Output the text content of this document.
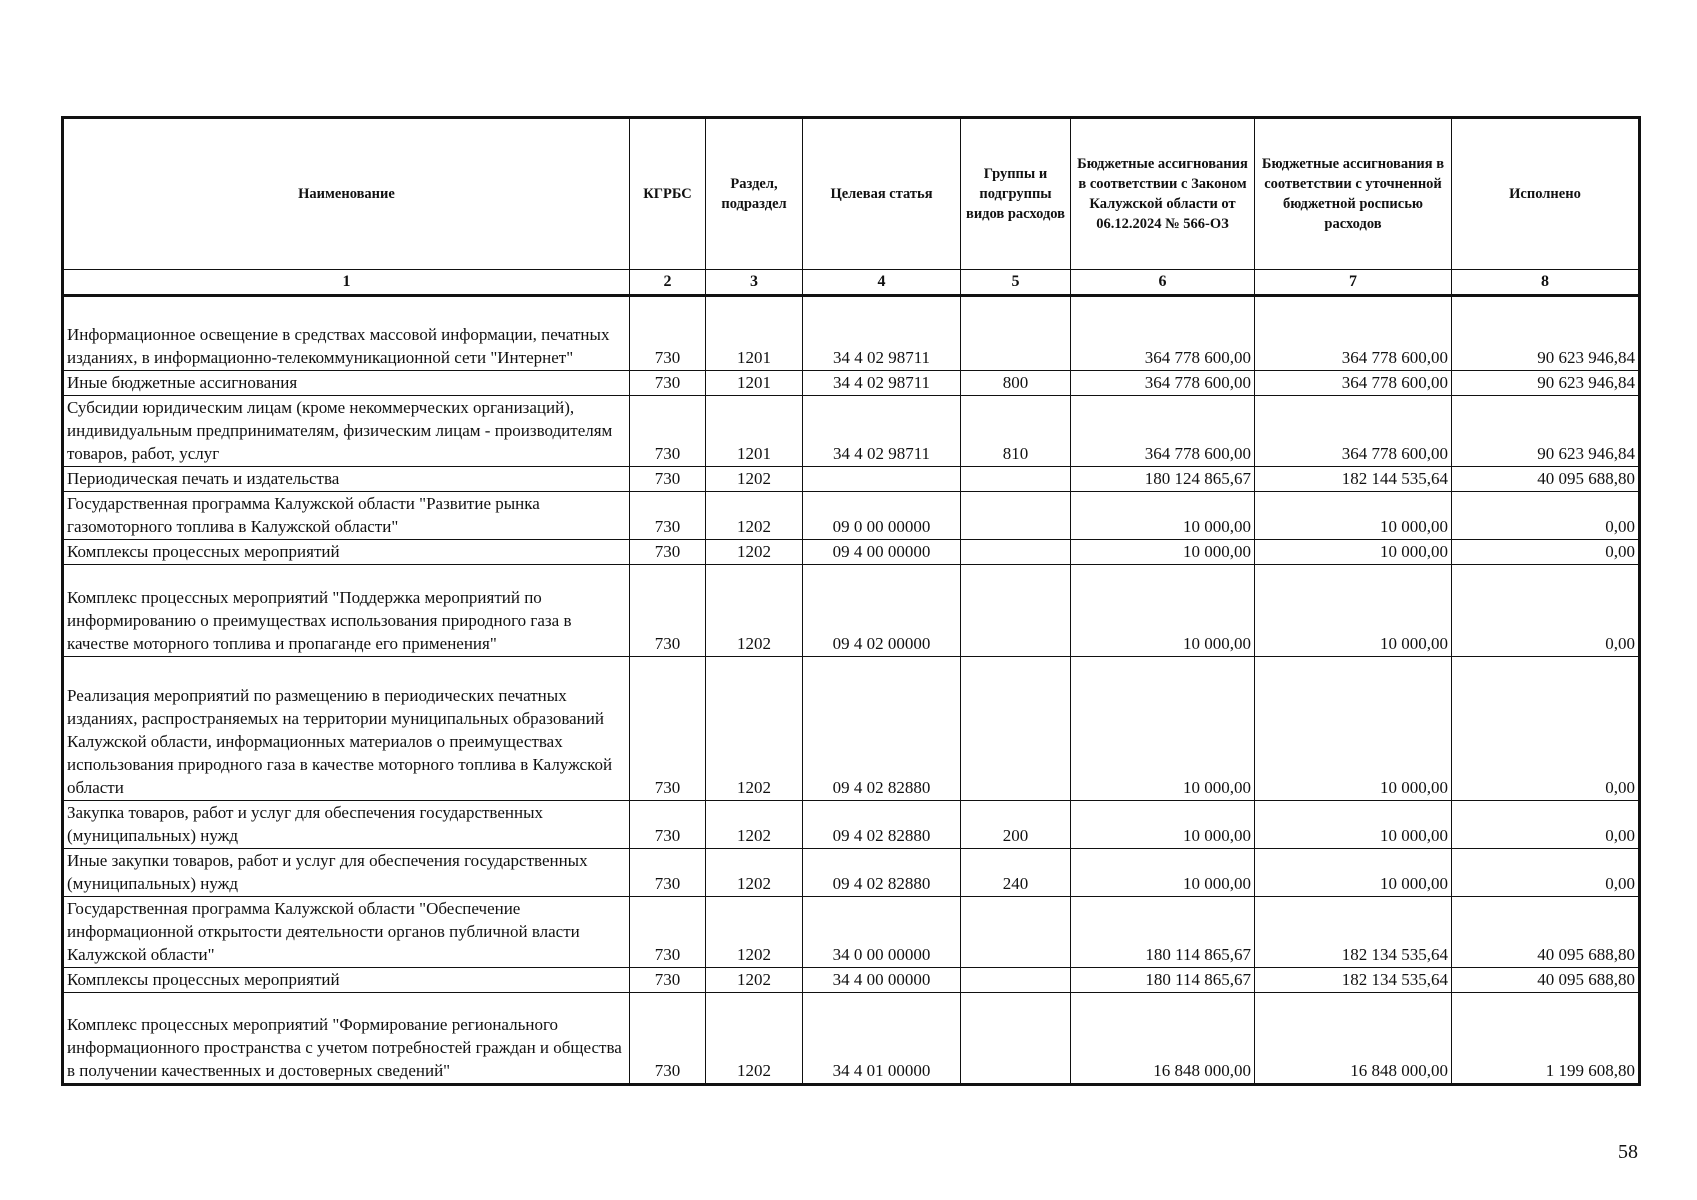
Наименование	КГРБС	Раздел, подраздел	Целевая статья	Группы и подгруппы видов расходов	Бюджетные ассигнования в соответствии с Законом Калужской области от 06.12.2024 № 566-ОЗ	Бюджетные ассигнования в соответствии с уточненной бюджетной росписью расходов	Исполнено
1	2	3	4	5	6	7	8
Информационное освещение в средствах массовой информации, печатных изданиях, в информационно-телекоммуникационной сети "Интернет"	730	1201	34 4 02 98711		364 778 600,00	364 778 600,00	90 623 946,84
Иные бюджетные ассигнования	730	1201	34 4 02 98711	800	364 778 600,00	364 778 600,00	90 623 946,84
Субсидии юридическим лицам (кроме некоммерческих организаций), индивидуальным предпринимателям, физическим лицам - производителям товаров, работ, услуг	730	1201	34 4 02 98711	810	364 778 600,00	364 778 600,00	90 623 946,84
Периодическая печать и издательства	730	1202			180 124 865,67	182 144 535,64	40 095 688,80
Государственная программа Калужской области "Развитие рынка газомоторного топлива в Калужской области"	730	1202	09 0 00 00000		10 000,00	10 000,00	0,00
Комплексы процессных мероприятий	730	1202	09 4 00 00000		10 000,00	10 000,00	0,00
Комплекс процессных мероприятий "Поддержка мероприятий по информированию о преимуществах использования природного газа в качестве моторного топлива и пропаганде его применения"	730	1202	09 4 02 00000		10 000,00	10 000,00	0,00
Реализация мероприятий по размещению в периодических печатных изданиях, распространяемых на территории муниципальных образований Калужской области, информационных материалов о преимуществах использования природного газа в качестве моторного топлива в Калужской области	730	1202	09 4 02 82880		10 000,00	10 000,00	0,00
Закупка товаров, работ и услуг для обеспечения государственных (муниципальных) нужд	730	1202	09 4 02 82880	200	10 000,00	10 000,00	0,00
Иные закупки товаров, работ и услуг для обеспечения государственных (муниципальных) нужд	730	1202	09 4 02 82880	240	10 000,00	10 000,00	0,00
Государственная программа Калужской области "Обеспечение информационной открытости деятельности органов публичной власти Калужской области"	730	1202	34 0 00 00000		180 114 865,67	182 134 535,64	40 095 688,80
Комплексы процессных мероприятий	730	1202	34 4 00 00000		180 114 865,67	182 134 535,64	40 095 688,80
Комплекс процессных мероприятий "Формирование регионального информационного пространства с учетом потребностей граждан и общества в получении качественных и достоверных сведений"	730	1202	34 4 01 00000		16 848 000,00	16 848 000,00	1 199 608,80
58
